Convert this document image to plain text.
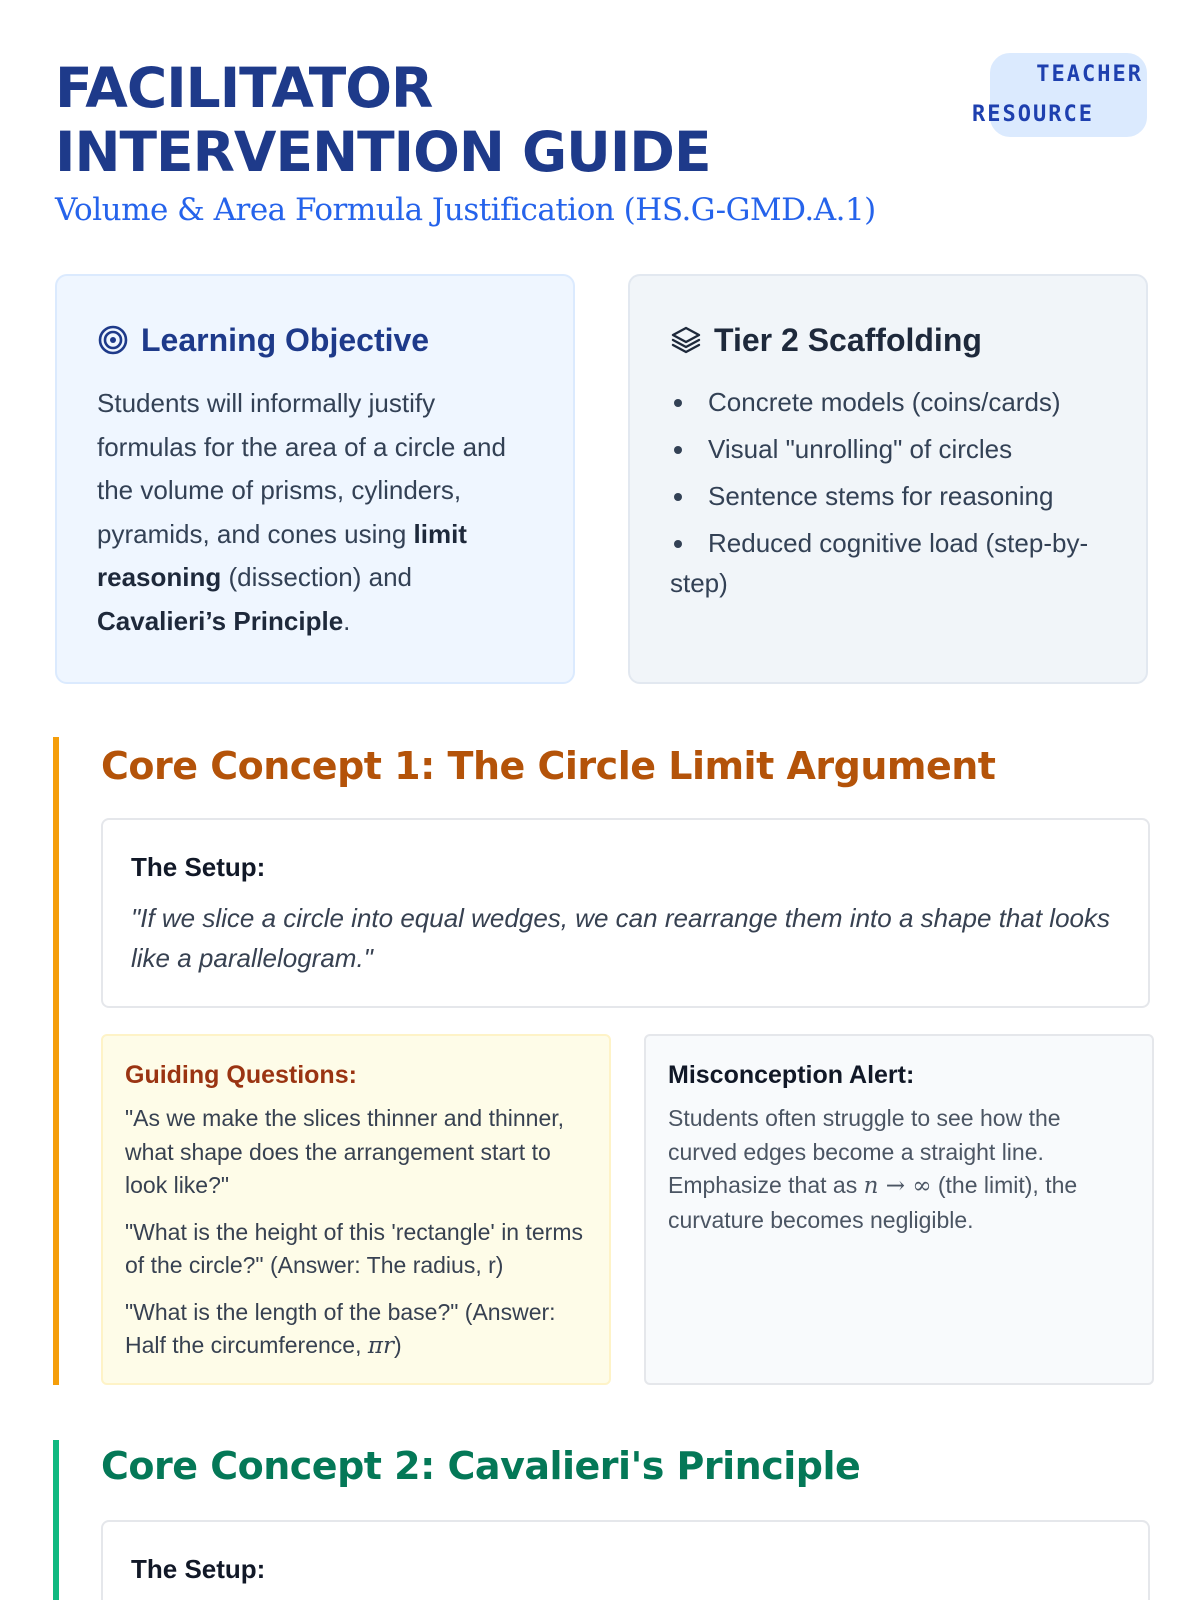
FACILITATOR
INTERVENTION GUIDE
Volume & Area Formula Justification (HS.G-GMD.A.1)
TEACHER
RESOURCE
Learning Objective

Students will informally justify formulas for the area of a circle and the volume of prisms, cylinders, pyramids, and cones using limit reasoning (dissection) and Cavalieri’s Principle.

Tier 2 Scaffolding
Concrete models (coins/cards)
Visual "unrolling" of circles
Sentence stems for reasoning
Reduced cognitive load (step-by-step)
Core Concept 1: The Circle Limit Argument
The Setup:

"If we slice a circle into equal wedges, we can rearrange them into a shape that looks like a parallelogram."

Guiding Questions:

"As we make the slices thinner and thinner, what shape does the arrangement start to look like?"

"What is the height of this 'rectangle' in terms of the circle?" (Answer: The radius, r)

"What is the length of the base?" (Answer: Half the circumference, πr)

Misconception Alert:

Students often struggle to see how the curved edges become a straight line. Emphasize that as n → ∞ (the limit), the curvature becomes negligible.

Core Concept 2: Cavalieri's Principle
The Setup:
